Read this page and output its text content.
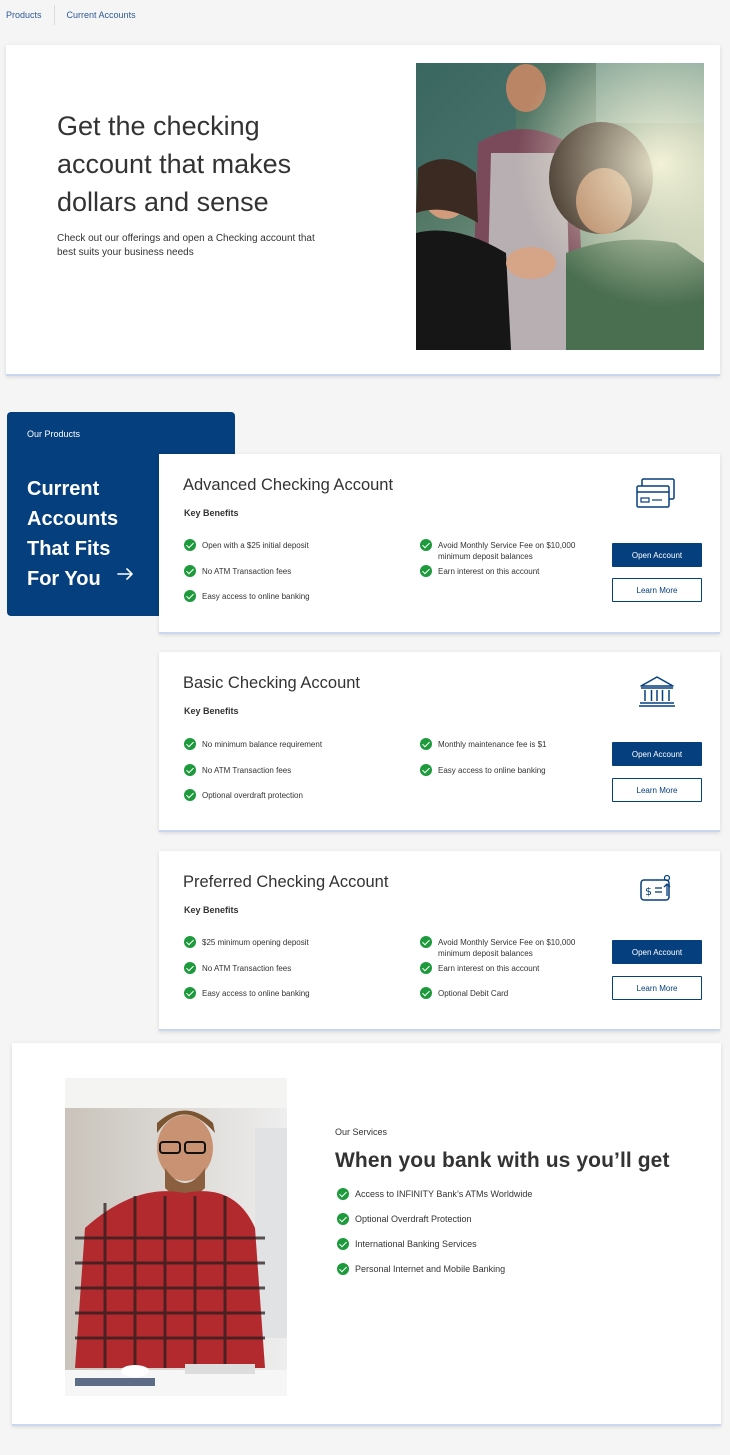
Products	Current Accounts
Get the checking account that makes dollars and sense

Check out our offerings and open a Checking account that best suits your business needs

Our Products
Current Accounts That Fits For You
Advanced Checking Account
Key Benefits
Open with a $25 initial deposit
No ATM Transaction fees
Easy access to online banking
Avoid Monthly Service Fee on $10,000 minimum deposit balances
Earn interest on this account
Open Account
Learn More
Basic Checking Account
Key Benefits
No minimum balance requirement
No ATM Transaction fees
Optional overdraft protection
Monthly maintenance fee is $1
Easy access to online banking
Open Account
Learn More
Preferred Checking Account
Key Benefits
$25 minimum opening deposit
No ATM Transaction fees
Easy access to online banking
Avoid Monthly Service Fee on $10,000 minimum deposit balances
Earn interest on this account
Optional Debit Card
$
Open Account
Learn More
Our Services
When you bank with us you’ll get
Access to INFINITY Bank’s ATMs Worldwide
Optional Overdraft Protection
International Banking Services
Personal Internet and Mobile Banking
